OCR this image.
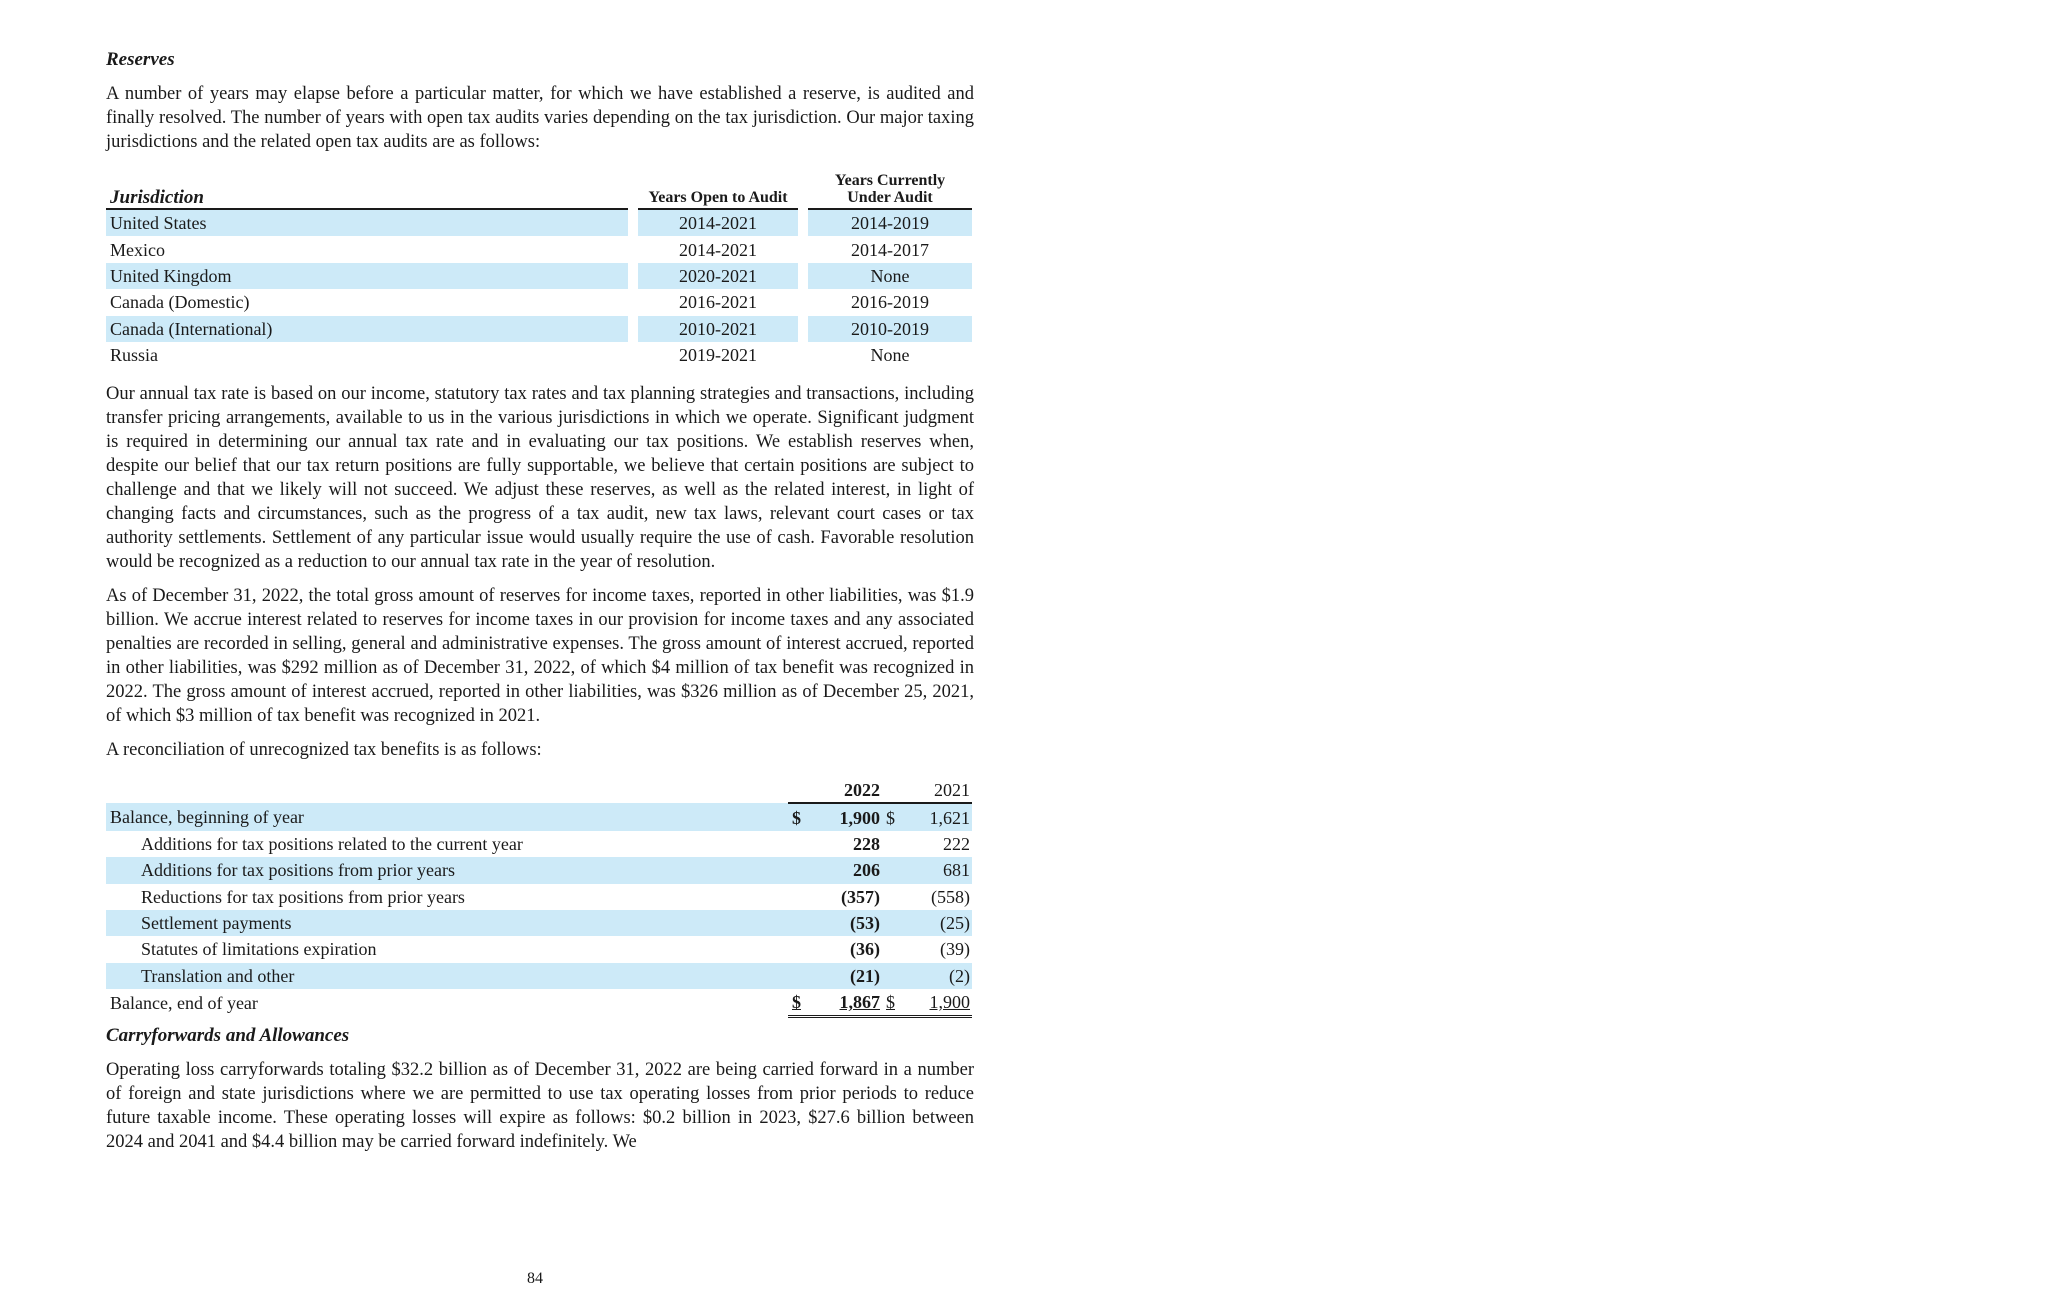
Reserves

A number of years may elapse before a particular matter, for which we have established a reserve, is audited and finally resolved. The number of years with open tax audits varies depending on the tax jurisdiction. Our major taxing jurisdictions and the related open tax audits are as follows:

Jurisdiction		Years Open to Audit		Years Currently
Under Audit
United States		2014-2021		2014-2019
Mexico		2014-2021		2014-2017
United Kingdom		2020-2021		None
Canada (Domestic)		2016-2021		2016-2019
Canada (International)		2010-2021		2010-2019
Russia		2019-2021		None

Our annual tax rate is based on our income, statutory tax rates and tax planning strategies and transactions, including transfer pricing arrangements, available to us in the various jurisdictions in which we operate. Significant judgment is required in determining our annual tax rate and in evaluating our tax positions. We establish reserves when, despite our belief that our tax return positions are fully supportable, we believe that certain positions are subject to challenge and that we likely will not succeed. We adjust these reserves, as well as the related interest, in light of changing facts and circumstances, such as the progress of a tax audit, new tax laws, relevant court cases or tax authority settlements. Settlement of any particular issue would usually require the use of cash. Favorable resolution would be recognized as a reduction to our annual tax rate in the year of resolution.

As of December 31, 2022, the total gross amount of reserves for income taxes, reported in other liabilities, was $1.9 billion. We accrue interest related to reserves for income taxes in our provision for income taxes and any associated penalties are recorded in selling, general and administrative expenses. The gross amount of interest accrued, reported in other liabilities, was $292 million as of December 31, 2022, of which $4 million of tax benefit was recognized in 2022. The gross amount of interest accrued, reported in other liabilities, was $326 million as of December 25, 2021, of which $3 million of tax benefit was recognized in 2021.

A reconciliation of unrecognized tax benefits is as follows:

	2022		2021	
Balance, beginning of year	$	1,900	$	1,621
Additions for tax positions related to the current year		228		222
Additions for tax positions from prior years		206		681
Reductions for tax positions from prior years		(357)		(558)
Settlement payments		(53)		(25)
Statutes of limitations expiration		(36)		(39)
Translation and other		(21)		(2)
Balance, end of year	$	1,867	$	1,900
Carryforwards and Allowances

Operating loss carryforwards totaling $32.2 billion as of December 31, 2022 are being carried forward in a number of foreign and state jurisdictions where we are permitted to use tax operating losses from prior periods to reduce future taxable income. These operating losses will expire as follows: $0.2 billion in 2023, $27.6 billion between 2024 and 2041 and $4.4 billion may be carried forward indefinitely. We

84
